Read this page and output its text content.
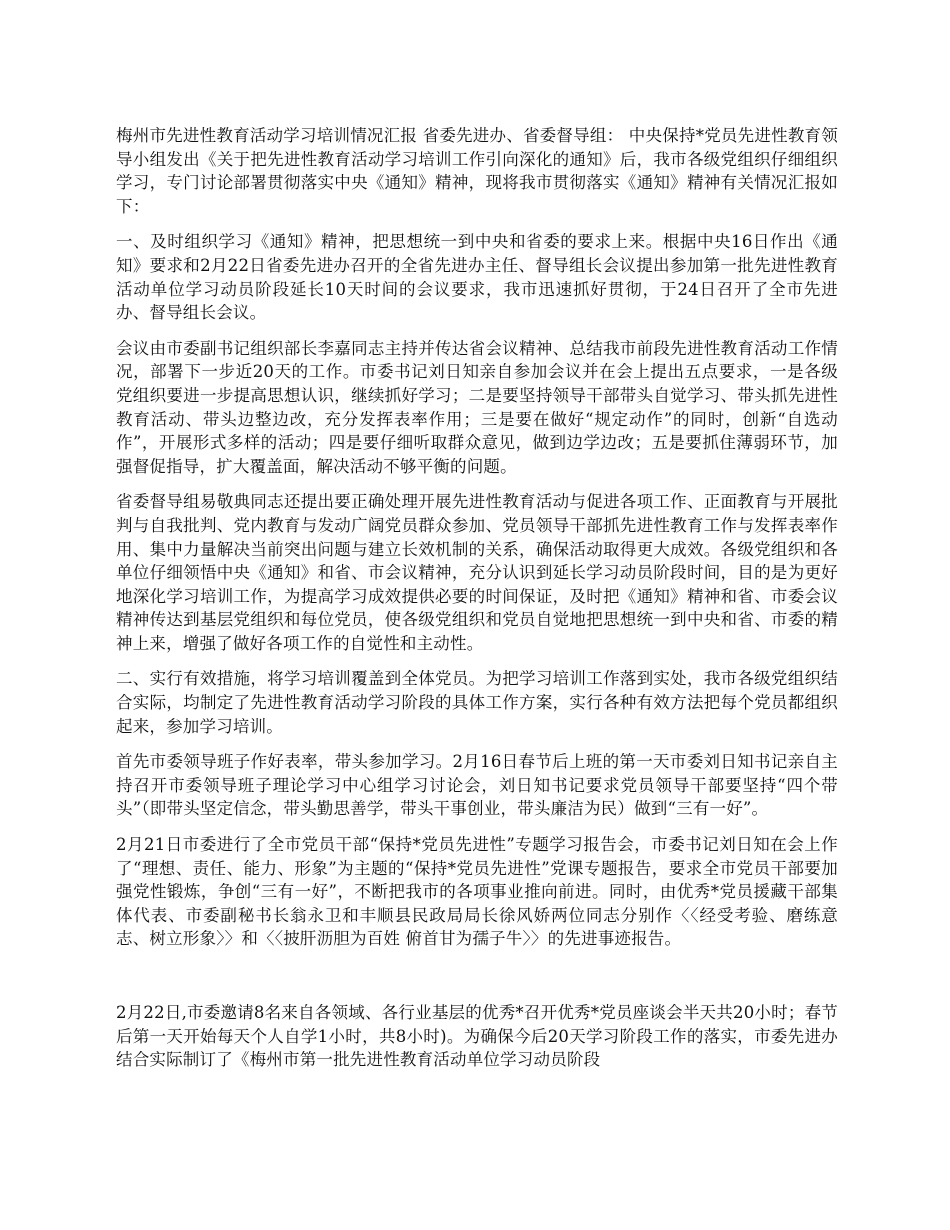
梅州市先进性教育活动学习培训情况汇报 省委先进办、省委督导组： 中央保持*党员先进性教育领导小组发出《关于把先进性教育活动学习培训工作引向深化的通知》后，我市各级党组织仔细组织学习，专门讨论部署贯彻落实中央《通知》精神，现将我市贯彻落实《通知》精神有关情况汇报如下：

一、及时组织学习《通知》精神，把思想统一到中央和省委的要求上来。根据中央16日作出《通知》要求和2月22日省委先进办召开的全省先进办主任、督导组长会议提出参加第一批先进性教育活动单位学习动员阶段延长10天时间的会议要求，我市迅速抓好贯彻，于24日召开了全市先进办、督导组长会议。

会议由市委副书记组织部长李嘉同志主持并传达省会议精神、总结我市前段先进性教育活动工作情况，部署下一步近20天的工作。市委书记刘日知亲自参加会议并在会上提出五点要求，一是各级党组织要进一步提高思想认识，继续抓好学习；二是要坚持领导干部带头自觉学习、带头抓先进性教育活动、带头边整边改，充分发挥表率作用；三是要在做好“规定动作”的同时，创新“自选动作”，开展形式多样的活动；四是要仔细听取群众意见，做到边学边改；五是要抓住薄弱环节，加强督促指导，扩大覆盖面，解决活动不够平衡的问题。

省委督导组易敬典同志还提出要正确处理开展先进性教育活动与促进各项工作、正面教育与开展批判与自我批判、党内教育与发动广阔党员群众参加、党员领导干部抓先进性教育工作与发挥表率作用、集中力量解决当前突出问题与建立长效机制的关系，确保活动取得更大成效。各级党组织和各单位仔细领悟中央《通知》和省、市会议精神，充分认识到延长学习动员阶段时间，目的是为更好地深化学习培训工作，为提高学习成效提供必要的时间保证，及时把《通知》精神和省、市委会议精神传达到基层党组织和每位党员，使各级党组织和党员自觉地把思想统一到中央和省、市委的精神上来，增强了做好各项工作的自觉性和主动性。

二、实行有效措施，将学习培训覆盖到全体党员。为把学习培训工作落到实处，我市各级党组织结合实际，均制定了先进性教育活动学习阶段的具体工作方案，实行各种有效方法把每个党员都组织起来，参加学习培训。

首先市委领导班子作好表率，带头参加学习。2月16日春节后上班的第一天市委刘日知书记亲自主持召开市委领导班子理论学习中心组学习讨论会，刘日知书记要求党员领导干部要坚持“四个带头”（即带头坚定信念，带头勤思善学，带头干事创业，带头廉洁为民）做到“三有一好”。

2月21日市委进行了全市党员干部“保持*党员先进性”专题学习报告会，市委书记刘日知在会上作了“理想、责任、能力、形象”为主题的“保持*党员先进性”党课专题报告，要求全市党员干部要加强党性锻炼，争创“三有一好”，不断把我市的各项事业推向前进。同时，由优秀*党员援藏干部集体代表、市委副秘书长翁永卫和丰顺县民政局局长徐风娇两位同志分别作〈〈经受考验、磨练意志、树立形象〉〉和〈〈披肝沥胆为百姓 俯首甘为孺子牛〉〉的先进事迹报告。

2月22日,市委邀请8名来自各领域、各行业基层的优秀*召开优秀*党员座谈会半天共20小时；春节后第一天开始每天个人自学1小时，共8小时)。为确保今后20天学习阶段工作的落实，市委先进办结合实际制订了《梅州市第一批先进性教育活动单位学习动员阶段
